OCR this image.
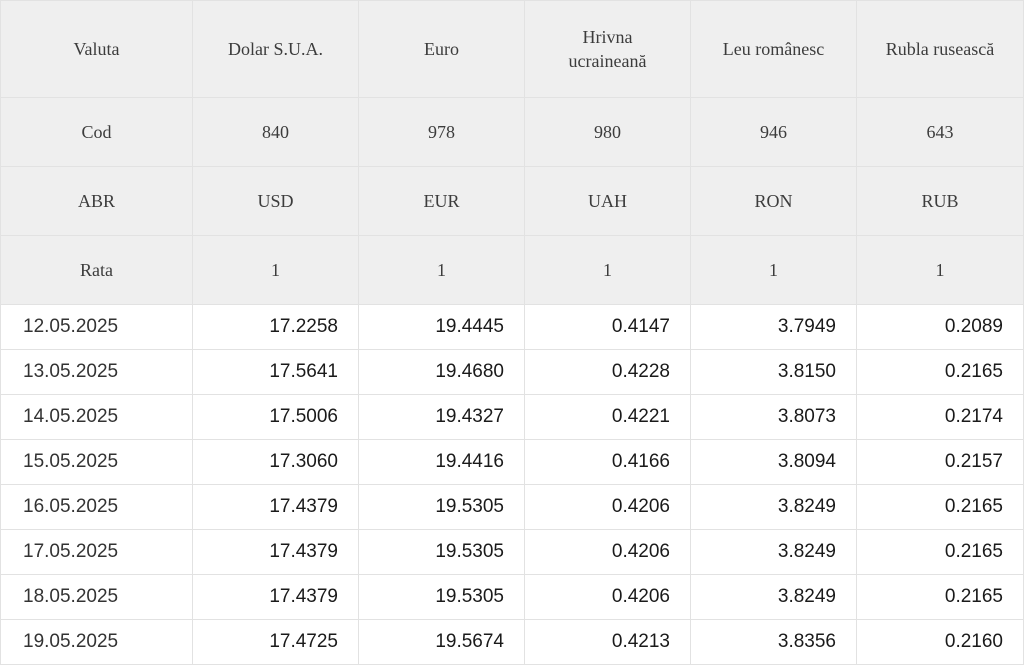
Valuta	Dolar S.U.A.	Euro	Hrivna ucraineană	Leu românesc	Rubla rusească
Cod	840	978	980	946	643
ABR	USD	EUR	UAH	RON	RUB
Rata	1	1	1	1	1
12.05.2025	17.2258	19.4445	0.4147	3.7949	0.2089
13.05.2025	17.5641	19.4680	0.4228	3.8150	0.2165
14.05.2025	17.5006	19.4327	0.4221	3.8073	0.2174
15.05.2025	17.3060	19.4416	0.4166	3.8094	0.2157
16.05.2025	17.4379	19.5305	0.4206	3.8249	0.2165
17.05.2025	17.4379	19.5305	0.4206	3.8249	0.2165
18.05.2025	17.4379	19.5305	0.4206	3.8249	0.2165
19.05.2025	17.4725	19.5674	0.4213	3.8356	0.2160
